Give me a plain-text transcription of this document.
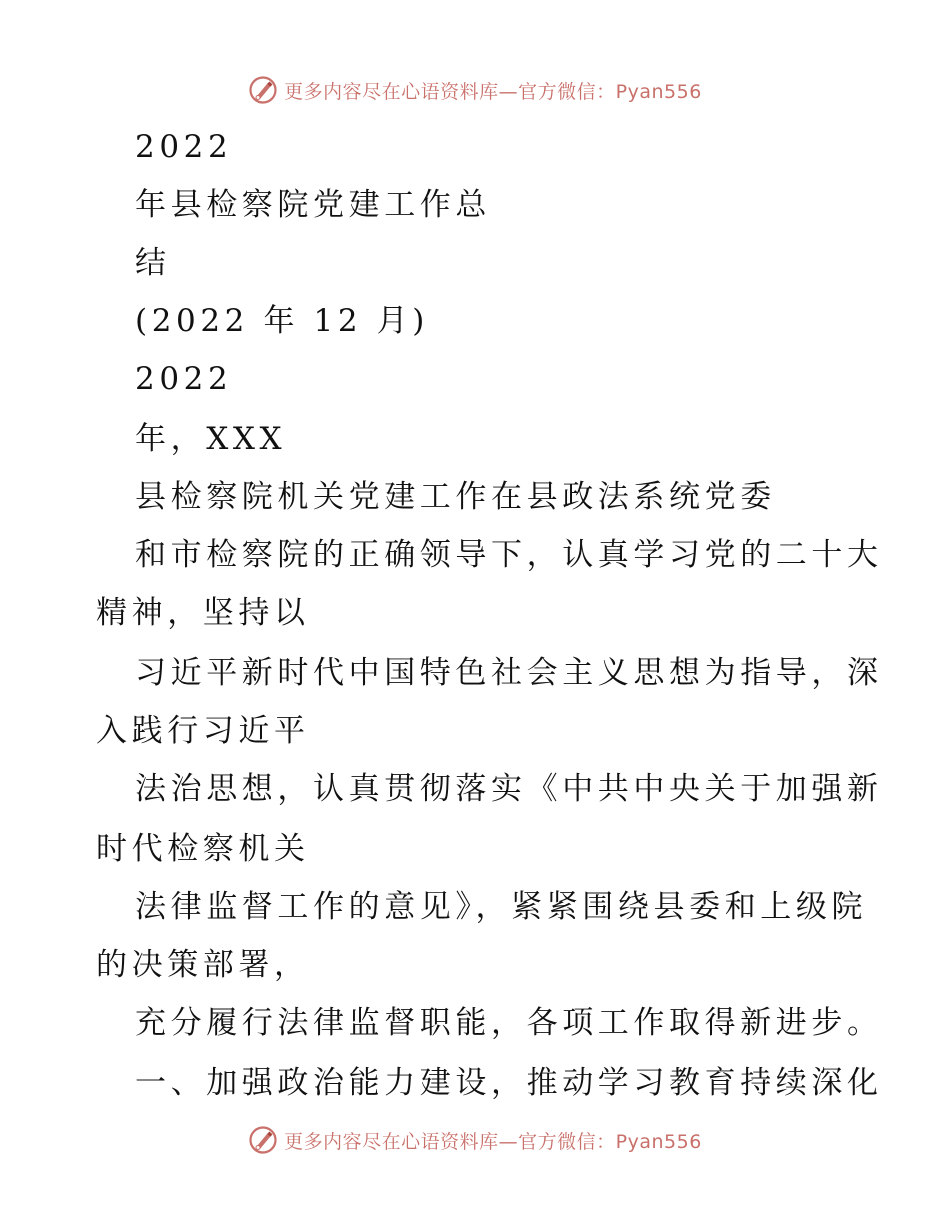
更多内容尽在心语资料库—官方微信：Pyan556
2022
年县检察院党建工作总
结
(2022 年 12 月)
2022
年，XXX
县检察院机关党建工作在县政法系统党委
和市检察院的正确领导下，认真学习党的二十大
精神，坚持以
习近平新时代中国特色社会主义思想为指导，深
入践行习近平
法治思想，认真贯彻落实《中共中央关于加强新
时代检察机关
法律监督工作的意见》，紧紧围绕县委和上级院
的决策部署，
充分履行法律监督职能，各项工作取得新进步。
一、加强政治能力建设，推动学习教育持续深化
更多内容尽在心语资料库—官方微信：Pyan556
